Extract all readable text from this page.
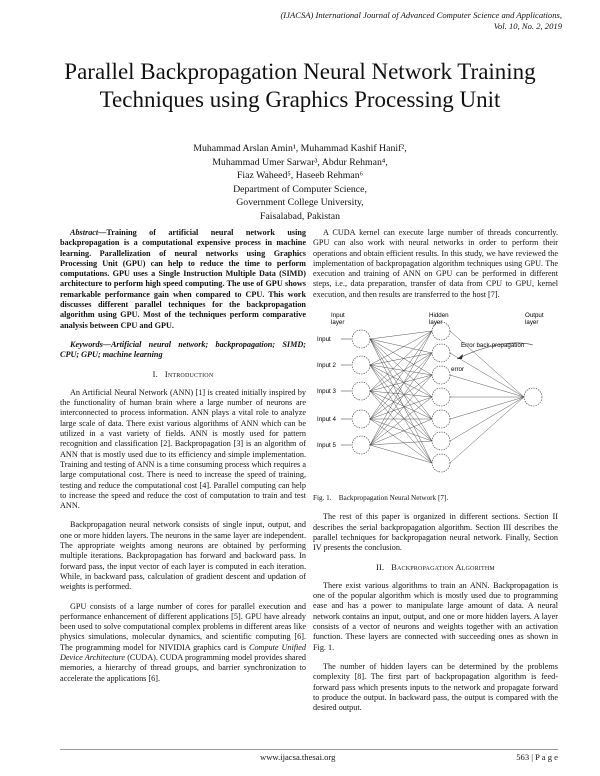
(IJACSA) International Journal of Advanced Computer Science and Applications,
Vol. 10, No. 2, 2019
Parallel Backpropagation Neural Network Training
Techniques using Graphics Processing Unit
Muhammad Arslan Amin¹, Muhammad Kashif Hanif²,
Muhammad Umer Sarwar³, Abdur Rehman⁴,
Fiaz Waheed⁵, Haseeb Rehman⁶
Department of Computer Science,
Government College University,
Faisalabad, Pakistan
Abstract—Training of artificial neural network using backpropagation is a computational expensive process in machine learning. Parallelization of neural networks using Graphics Processing Unit (GPU) can help to reduce the time to perform computations. GPU uses a Single Instruction Multiple Data (SIMD) architecture to perform high speed computing. The use of GPU shows remarkable performance gain when compared to CPU. This work discusses different parallel techniques for the backpropagation algorithm using GPU. Most of the techniques perform comparative analysis between CPU and GPU.
Keywords—Artificial neural network; backpropagation; SIMD; CPU; GPU; machine learning
I. Introduction

An Artificial Neural Network (ANN) [1] is created initially inspired by the functionality of human brain where a large number of neurons are interconnected to process information. ANN plays a vital role to analyze large scale of data. There exist various algorithms of ANN which can be utilized in a vast variety of fields. ANN is mostly used for pattern recognition and classification [2]. Backpropagation [3] is an algorithm of ANN that is mostly used due to its efficiency and simple implementation. Training and testing of ANN is a time consuming process which requires a large computational cost. There is need to increase the speed of training, testing and reduce the computational cost [4]. Parallel computing can help to increase the speed and reduce the cost of computation to train and test ANN.

Backpropagation neural network consists of single input, output, and one or more hidden layers. The neurons in the same layer are independent. The appropriate weights among neurons are obtained by performing multiple iterations. Backpropagation has forward and backward pass. In forward pass, the input vector of each layer is computed in each iteration. While, in backward pass, calculation of gradient descent and updation of weights is performed.

GPU consists of a large number of cores for parallel execution and performance enhancement of different applications [5]. GPU have already been used to solve computational complex problems in different areas like physics simulations, molecular dynamics, and scientific computing [6]. The programming model for NIVIDIA graphics card is Compute Unified Device Architecture (CUDA). CUDA programming model provides shared memories, a hierarchy of thread groups, and barrier synchronization to accelerate the applications [6].

A CUDA kernel can execute large number of threads concurrently. GPU can also work with neural networks in order to perform their operations and obtain efficient results. In this study, we have reviewed the implementation of backpropagation algorithm techniques using GPU. The execution and training of ANN on GPU can be performed in different steps, i.e., data preparation, transfer of data from CPU to GPU, kernel execution, and then results are transferred to the host [7].

Input layer
Hidden layer
Output layer
Error back-propagation
error
Input
Input 2
Input 3
Input 4
Input 5

Fig. 1.    Backpropagation Neural Network [7].

The rest of this paper is organized in different sections. Section II describes the serial backpropagation algorithm. Section III describes the parallel techniques for backpropagation neural network. Finally, Section IV presents the conclusion.

II. Backpropagation Algorithm

There exist various algorithms to train an ANN. Backpropagation is one of the popular algorithm which is mostly used due to programming ease and has a power to manipulate large amount of data. A neural network contains an input, output, and one or more hidden layers. A layer consists of a vector of neurons and weights together with an activation function. These layers are connected with succeeding ones as shown in Fig. 1.

The number of hidden layers can be determined by the problems complexity [8]. The first part of backpropagation algorithm is feed-forward pass which presents inputs to the network and propagate forward to produce the output. In backward pass, the output is compared with the desired output.

www.ijacsa.thesai.org	563 | P a g e
